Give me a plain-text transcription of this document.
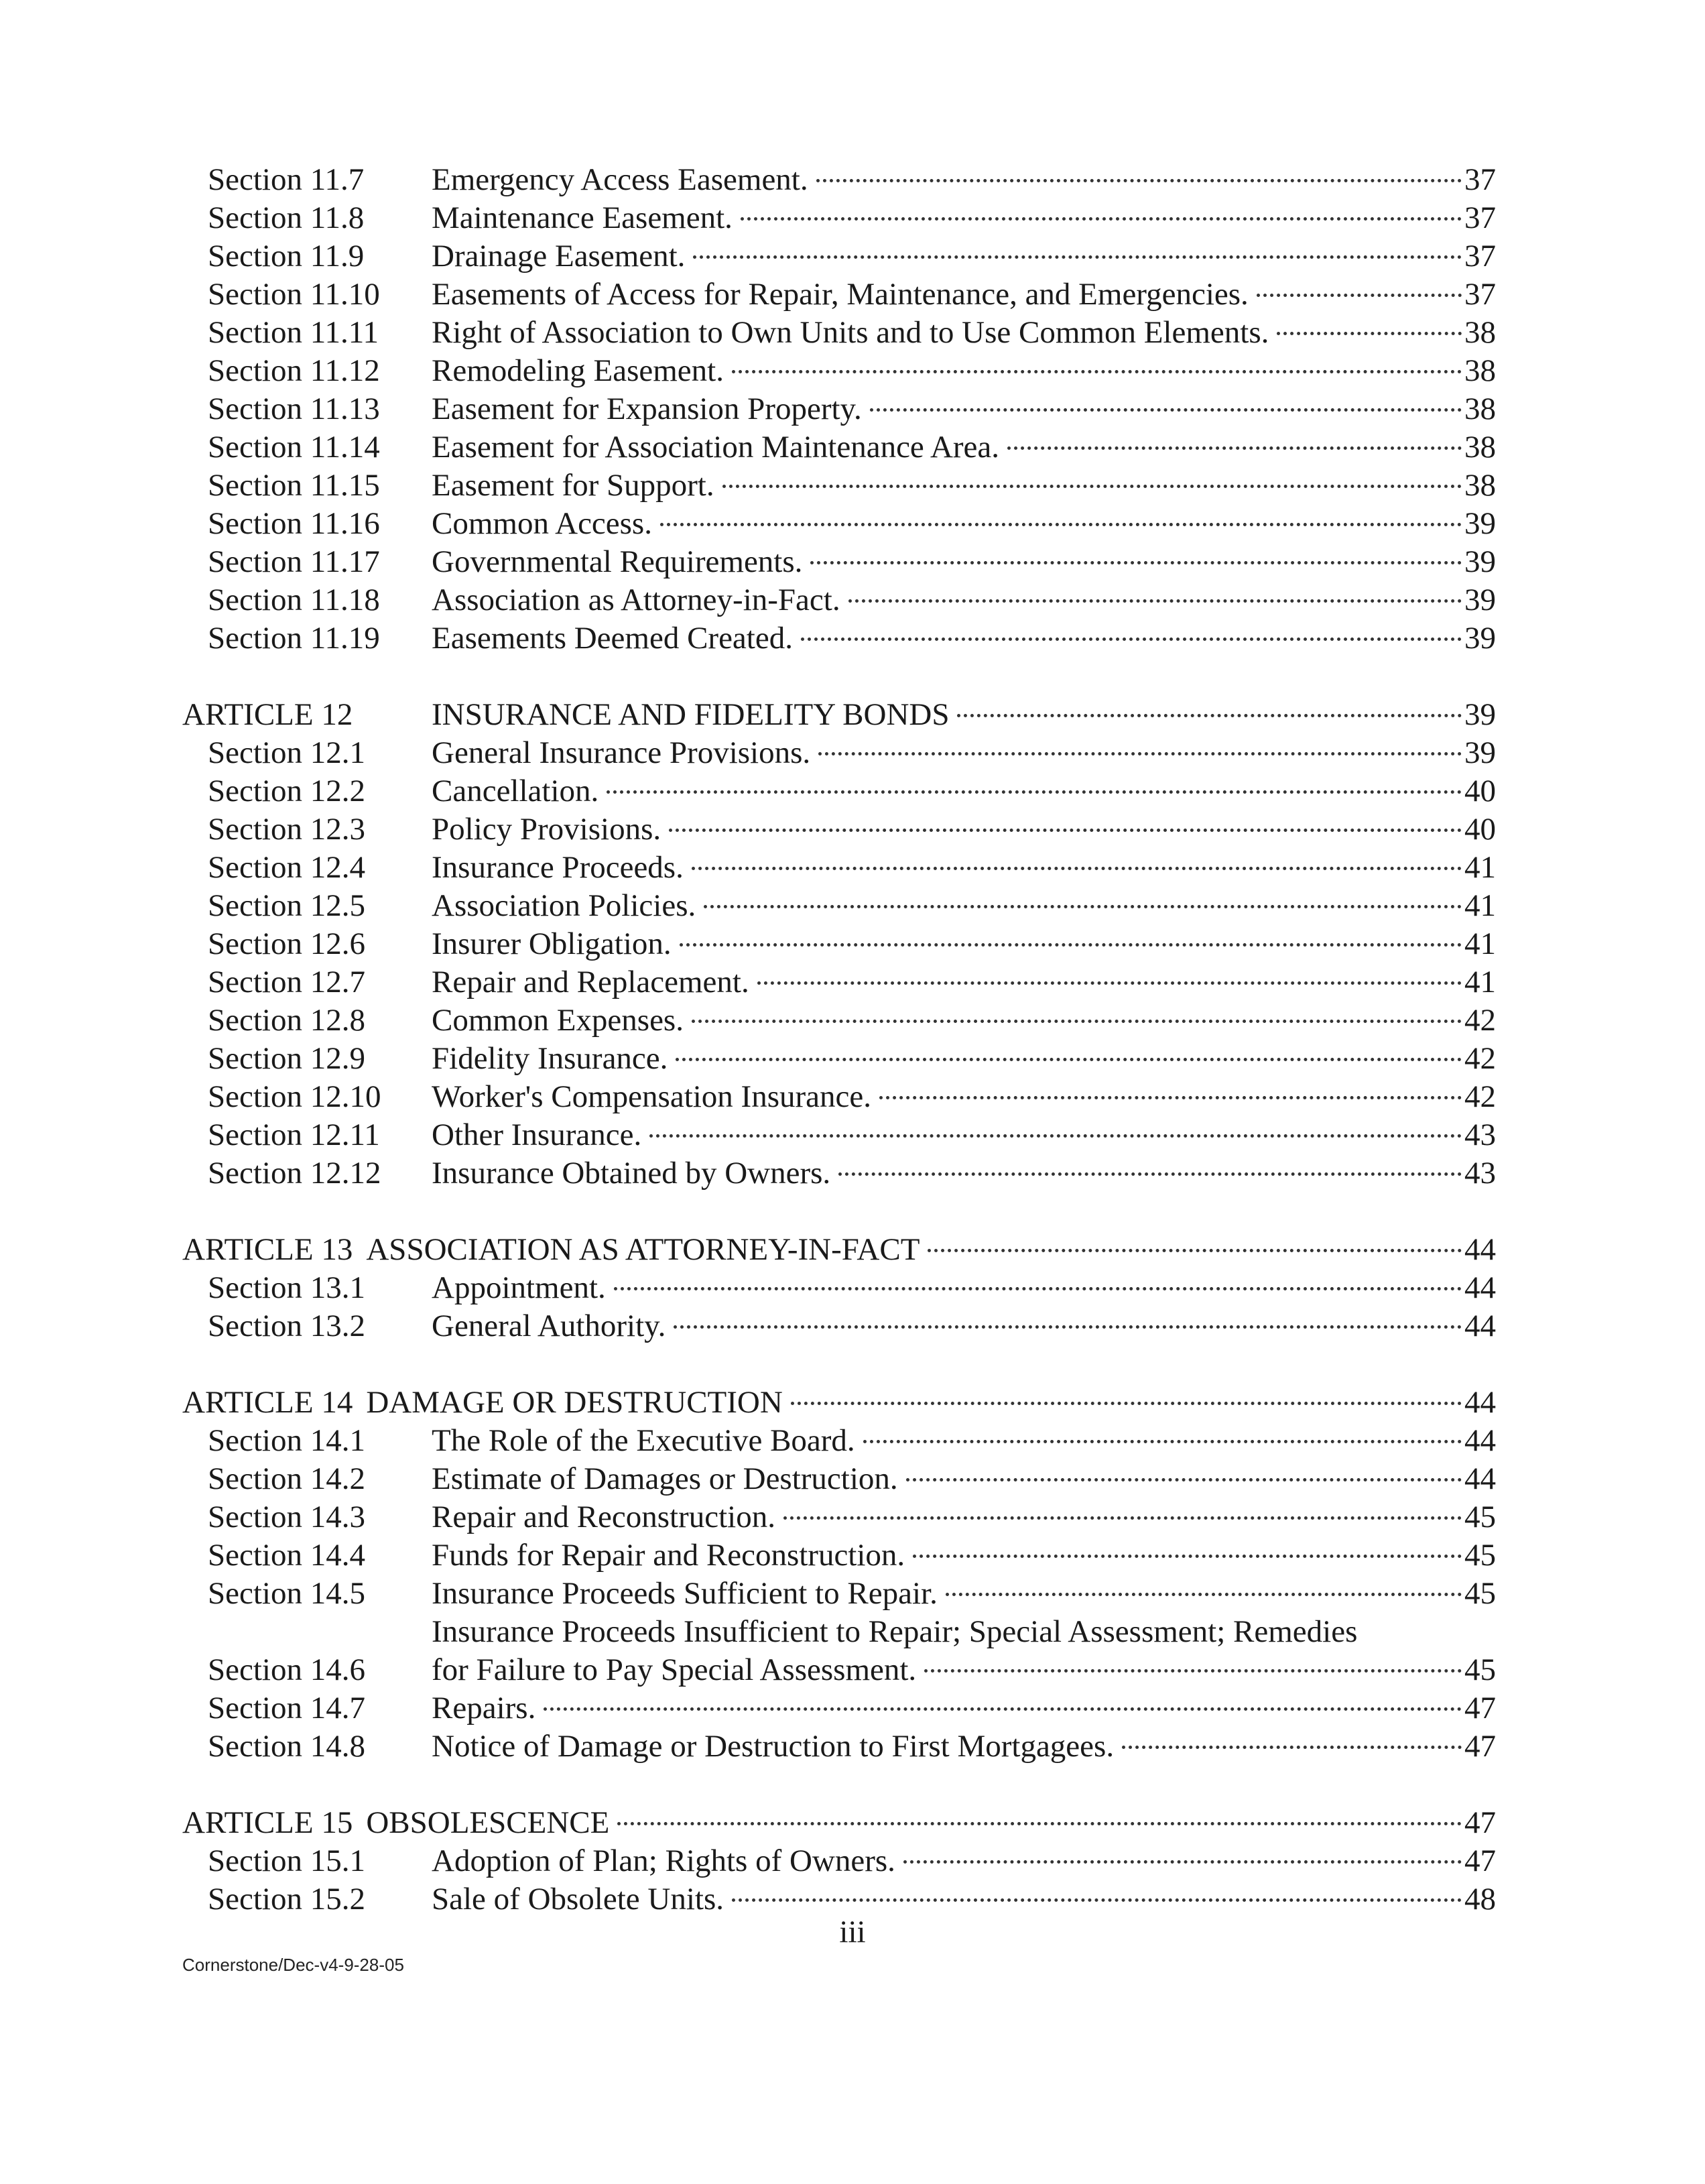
Section 11.7	Emergency Access Easement.	37
Section 11.8	Maintenance Easement.	37
Section 11.9	Drainage Easement.	37
Section 11.10	Easements of Access for Repair, Maintenance, and Emergencies.	37
Section 11.11	Right of Association to Own Units and to Use Common Elements.	38
Section 11.12	Remodeling Easement.	38
Section 11.13	Easement for Expansion Property.	38
Section 11.14	Easement for Association Maintenance Area.	38
Section 11.15	Easement for Support.	38
Section 11.16	Common Access.	39
Section 11.17	Governmental Requirements.	39
Section 11.18	Association as Attorney-in-Fact.	39
Section 11.19	Easements Deemed Created.	39
ARTICLE 12	INSURANCE AND FIDELITY BONDS	39
Section 12.1	General Insurance Provisions.	39
Section 12.2	Cancellation.	40
Section 12.3	Policy Provisions.	40
Section 12.4	Insurance Proceeds.	41
Section 12.5	Association Policies.	41
Section 12.6	Insurer Obligation.	41
Section 12.7	Repair and Replacement.	41
Section 12.8	Common Expenses.	42
Section 12.9	Fidelity Insurance.	42
Section 12.10	Worker's Compensation Insurance.	42
Section 12.11	Other Insurance.	43
Section 12.12	Insurance Obtained by Owners.	43
ARTICLE 13 ASSOCIATION AS ATTORNEY-IN-FACT	44
Section 13.1	Appointment.	44
Section 13.2	General Authority.	44
ARTICLE 14 DAMAGE OR DESTRUCTION	44
Section 14.1	The Role of the Executive Board.	44
Section 14.2	Estimate of Damages or Destruction.	44
Section 14.3	Repair and Reconstruction.	45
Section 14.4	Funds for Repair and Reconstruction.	45
Section 14.5	Insurance Proceeds Sufficient to Repair.	45
Section 14.6
Insurance Proceeds Insufficient to Repair; Special Assessment; Remedies
for Failure to Pay Special Assessment.	45
Section 14.7	Repairs.	47
Section 14.8	Notice of Damage or Destruction to First Mortgagees.	47
ARTICLE 15 OBSOLESCENCE	47
Section 15.1	Adoption of Plan; Rights of Owners.	47
Section 15.2	Sale of Obsolete Units.	48
iii
Cornerstone/Dec-v4-9-28-05
